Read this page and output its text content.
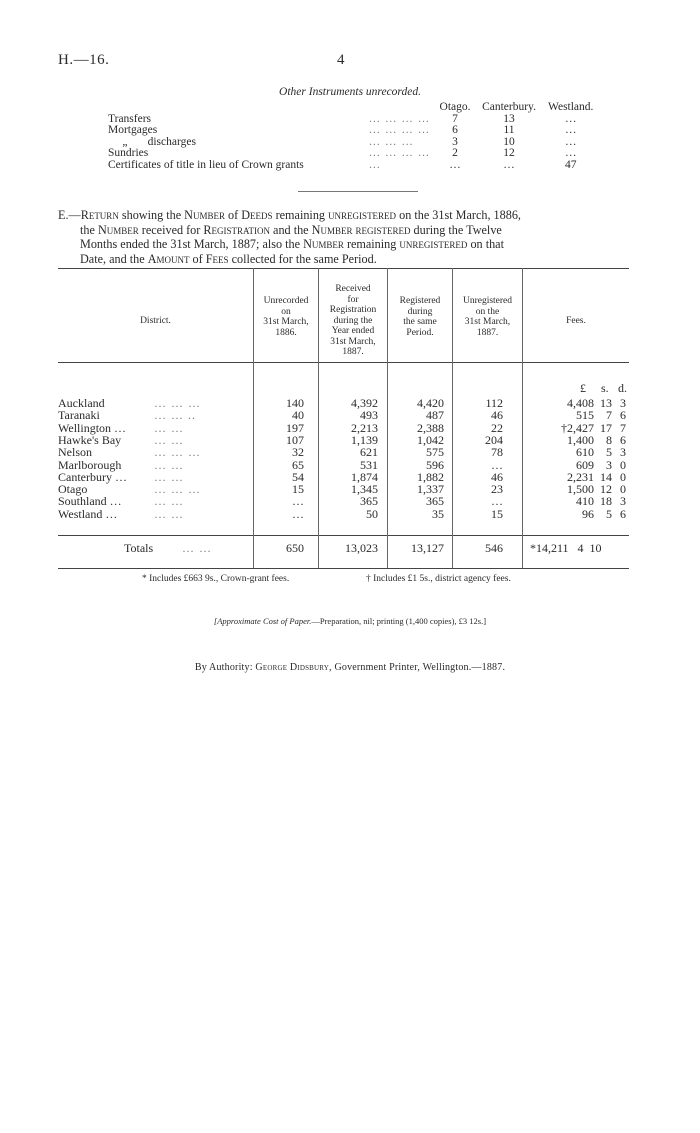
H.—16.	4
Other Instruments unrecorded.
		Otago.	Canterbury.	Westland.
Transfers	… … … …	7	13	…
Mortgages	… … … …	6	11	…
„       discharges	… … …	3	10	…
Sundries	… … … …	2	12	…
Certificates of title in lieu of Crown grants	…	…	…	47
E.—Return showing the Number of Deeds remaining unregistered on the 31st March, 1886,
the Number received for Registration and the Number registered during the Twelve
Months ended the 31st March, 1887; also the Number remaining unregistered on that
Date, and the Amount of Fees collected for the same Period.
District.
Unrecorded
on
31st March,
1886.
Received
for
Registration
during the
Year ended
31st March,
1887.
Registered
during
the same
Period.
Unregistered
on the
31st March,
1887.
Fees.
£ s. d.
Auckland	… … …	140	4,392	4,420	112	4,408 13 3
Taranaki	… … ..	40	493	487	46	515	7 6
Wellington … … …	197	2,213	2,388	22	†2,427 17 7
Hawke's Bay	… …	107	1,139	1,042	204	1,400	8 6
Nelson	… … …	32	621	575	78	610	5 3
Marlborough	… …	65	531	596	…	609	3 0
Canterbury … … …	54	1,874	1,882	46	2,231 14 0
Otago	… … …	15	1,345	1,337	23	1,500 12 0
Southland …	… …	…	365	365	…	410 18 3
Westland …	… …	…	50	35	15	96	5 6
Totals … …	650	13,023	13,127	546 *14,211   4  10
* Includes £663 9s., Crown-grant fees.	† Includes £1 5s., district agency fees.
[Approximate Cost of Paper.—Preparation, nil; printing (1,400 copies), £3 12s.]
By Authority: George Didsbury, Government Printer, Wellington.—1887.
